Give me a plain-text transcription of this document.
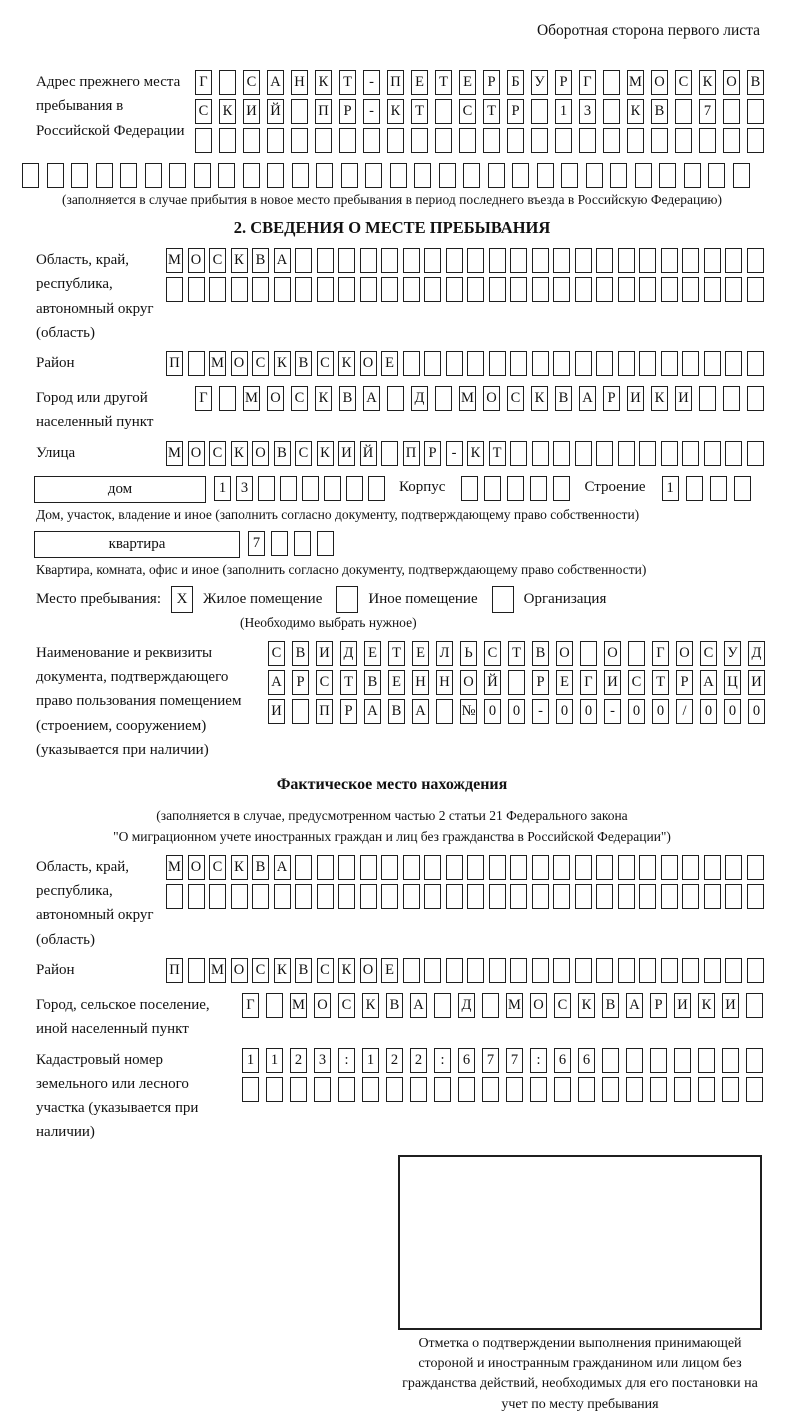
Оборотная сторона первого листа
Адрес прежнего места пребывания в Российской Федерации
Г	С А Н К Т	-	П Е Т Е	Р	Б У	Р	Г	М О С К О В
С К И Й	П	Р	-	К Т	С Т	Р	1	3	К В	7
(заполняется в случае прибытия в новое место пребывания в период последнего въезда в Российскую Федерацию)
2. СВЕДЕНИЯ О МЕСТЕ ПРЕБЫВАНИЯ
Область, край, республика, автономный округ (область)
М О С К В А
Район	П М О С К В С К О Е
Город или другой населенный пункт
Г	М О С К В А	Д	М О С К В А	Р	И К И
Улица	М О С К О В С К И Й П Р	- К Т
дом	1	3	Корпус	Строение	1
Дом, участок, владение и иное (заполнить согласно документу, подтверждающему право собственности)
квартира	7
Квартира, комната, офис и иное (заполнить согласно документу, подтверждающему право собственности)
Место пребывания:	X	Жилое помещение	Иное помещение	Организация
(Необходимо выбрать нужное)
Наименование и реквизиты документа, подтверждающего право пользования помещением (строением, сооружением) (указывается при наличии)
С В И Д Е Т Е Л Ь С Т В О	О	Г О С У Д
А	Р	С Т В Е Н Н О Й	Р	Е Г И С Т	Р	А Ц И
И	П	Р	А В А № 0	0	-	0	0	-	0	0	/	0	0	0
Фактическое место нахождения
(заполняется в случае, предусмотренном частью 2 статьи 21 Федерального закона
"О миграционном учете иностранных граждан и лиц без гражданства в Российской Федерации")
Область, край, республика, автономный округ (область)
М О С К В А
Район	П М О С К В С К О Е
Город, сельское поселение, иной населенный пункт
Г	М О С К В А	Д	М О С К В А	Р	И К И
Кадастровый номер земельного или лесного участка (указывается при наличии)
1	1	2	3	:	1	2	2	:	6	7	7	:	6	6
Отметка о подтверждении выполнения принимающей стороной и иностранным гражданином или лицом без гражданства действий, необходимых для его постановки на учет по месту пребывания
